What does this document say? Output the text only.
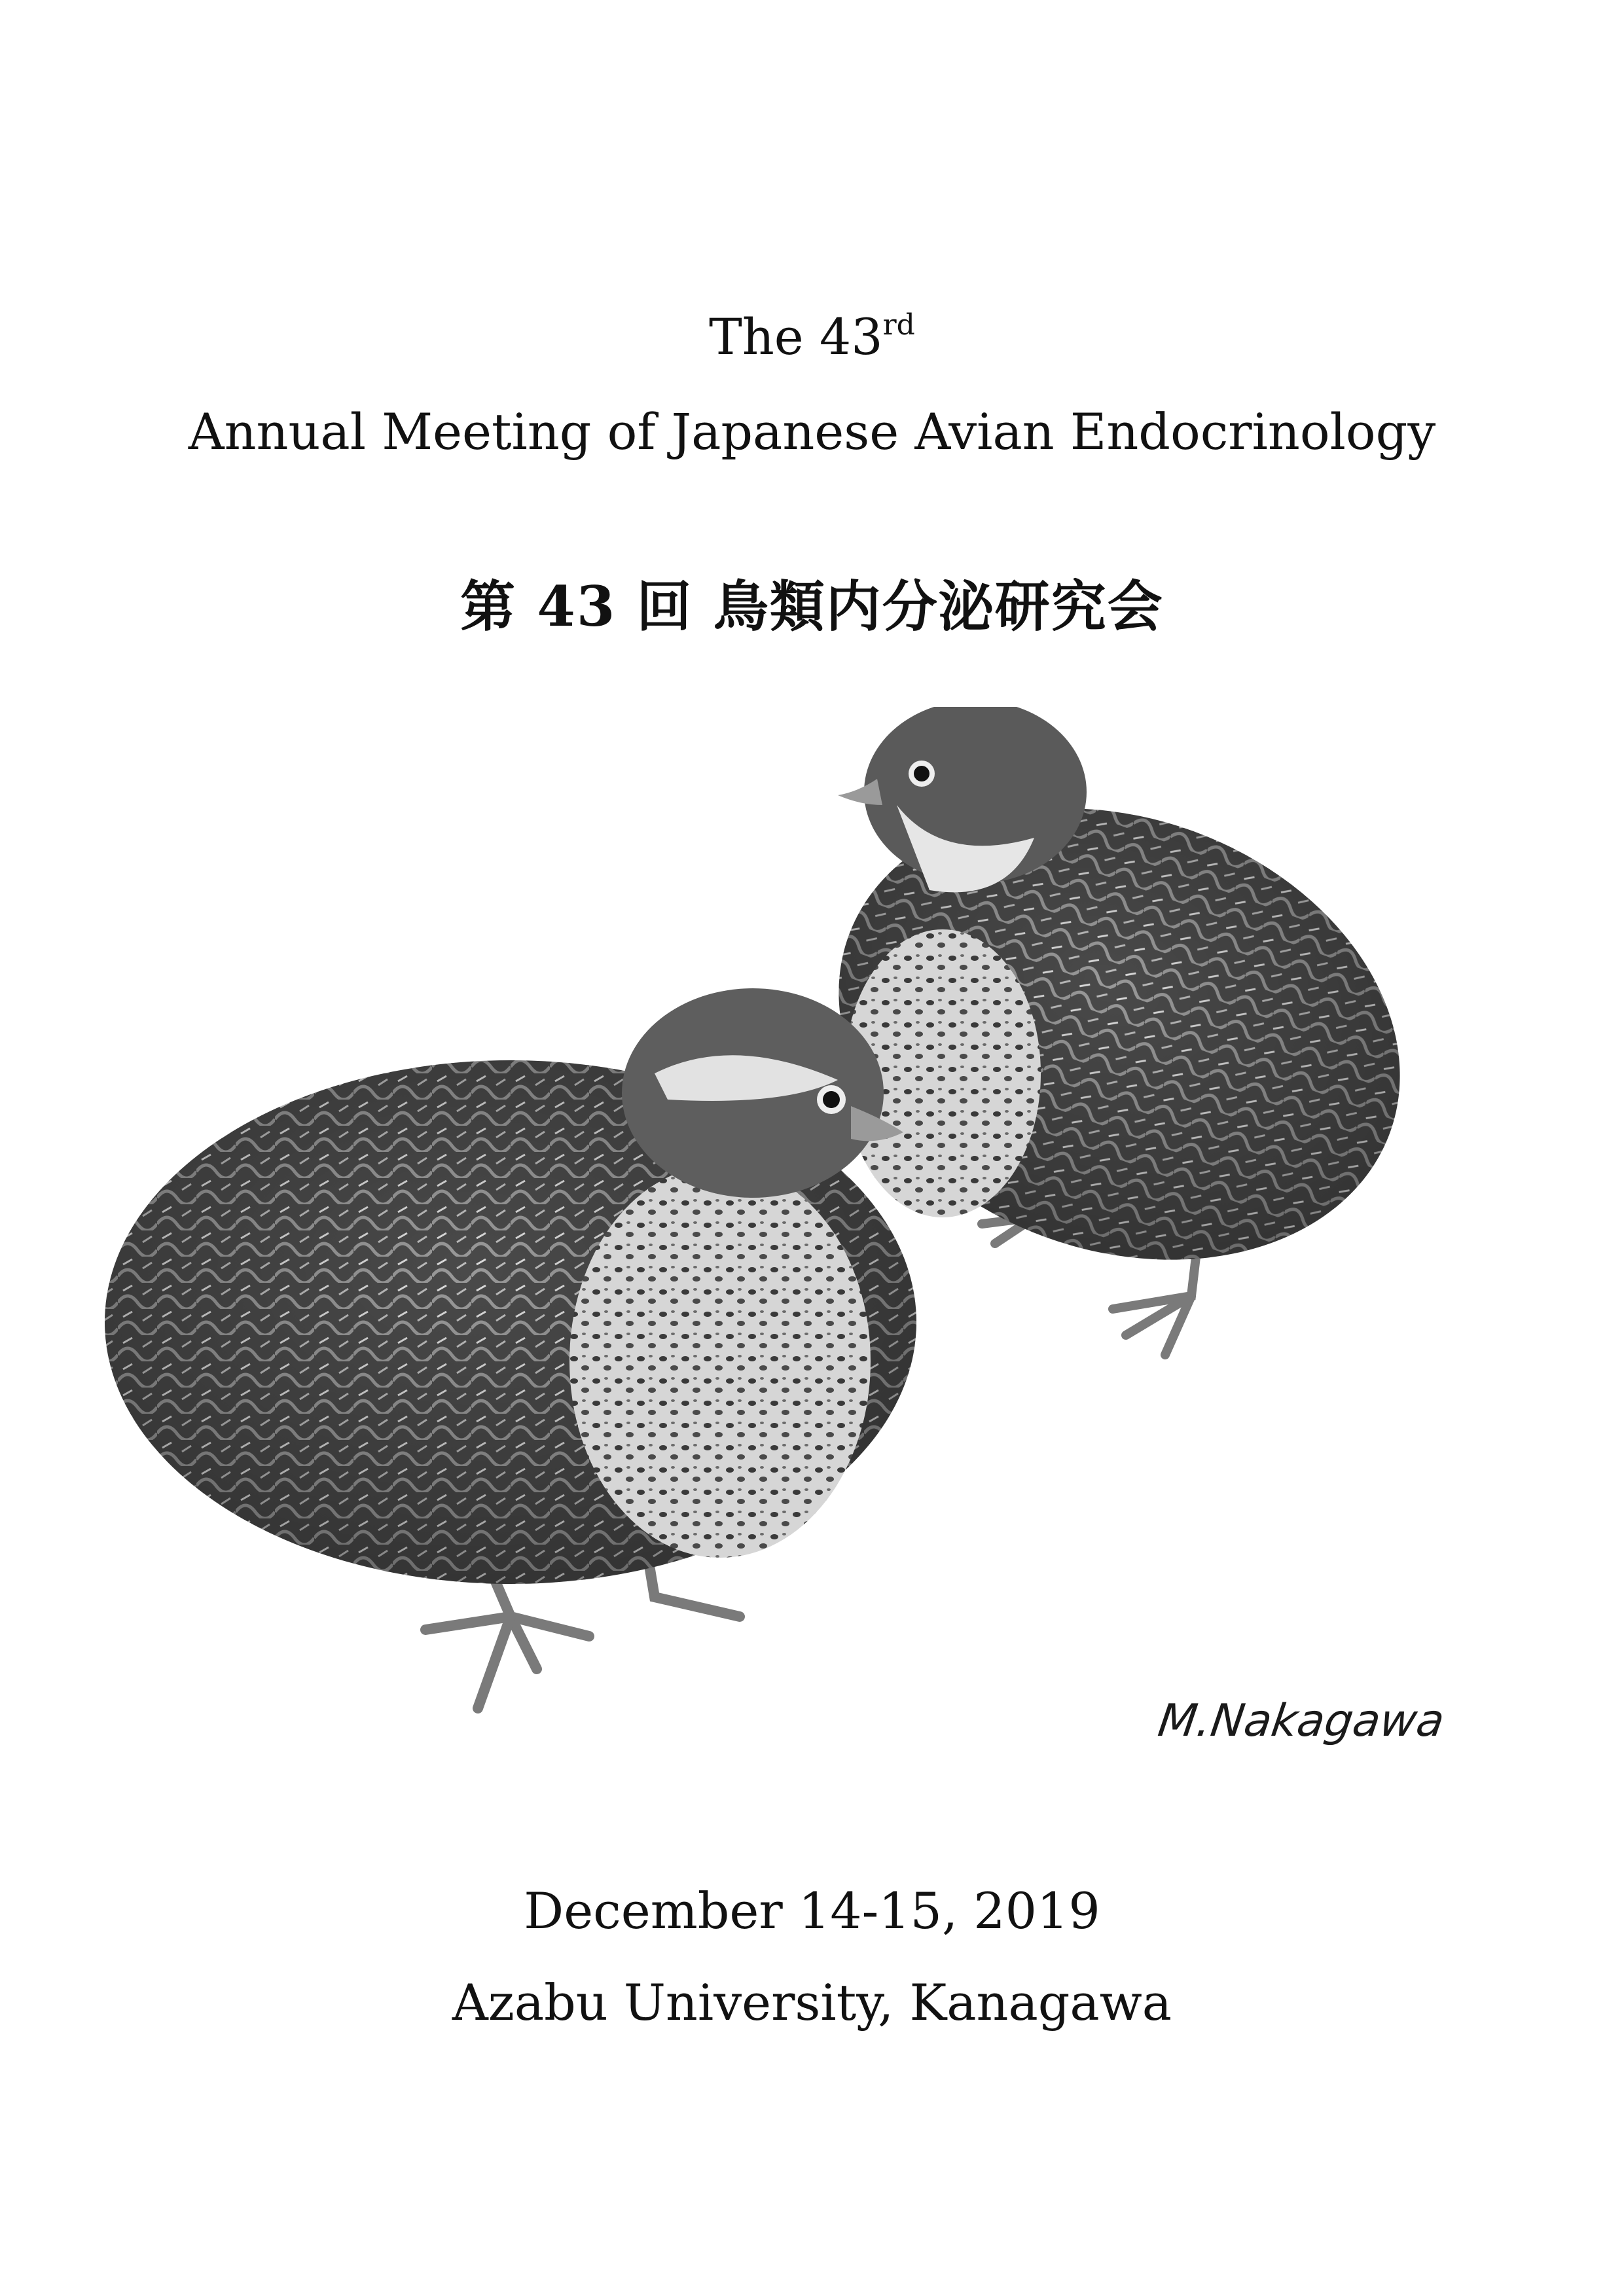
The 43rd
Annual Meeting of Japanese Avian Endocrinology
第 43 回 鳥類内分泌研究会
M.Nakagawa
December 14-15, 2019
Azabu University, Kanagawa
